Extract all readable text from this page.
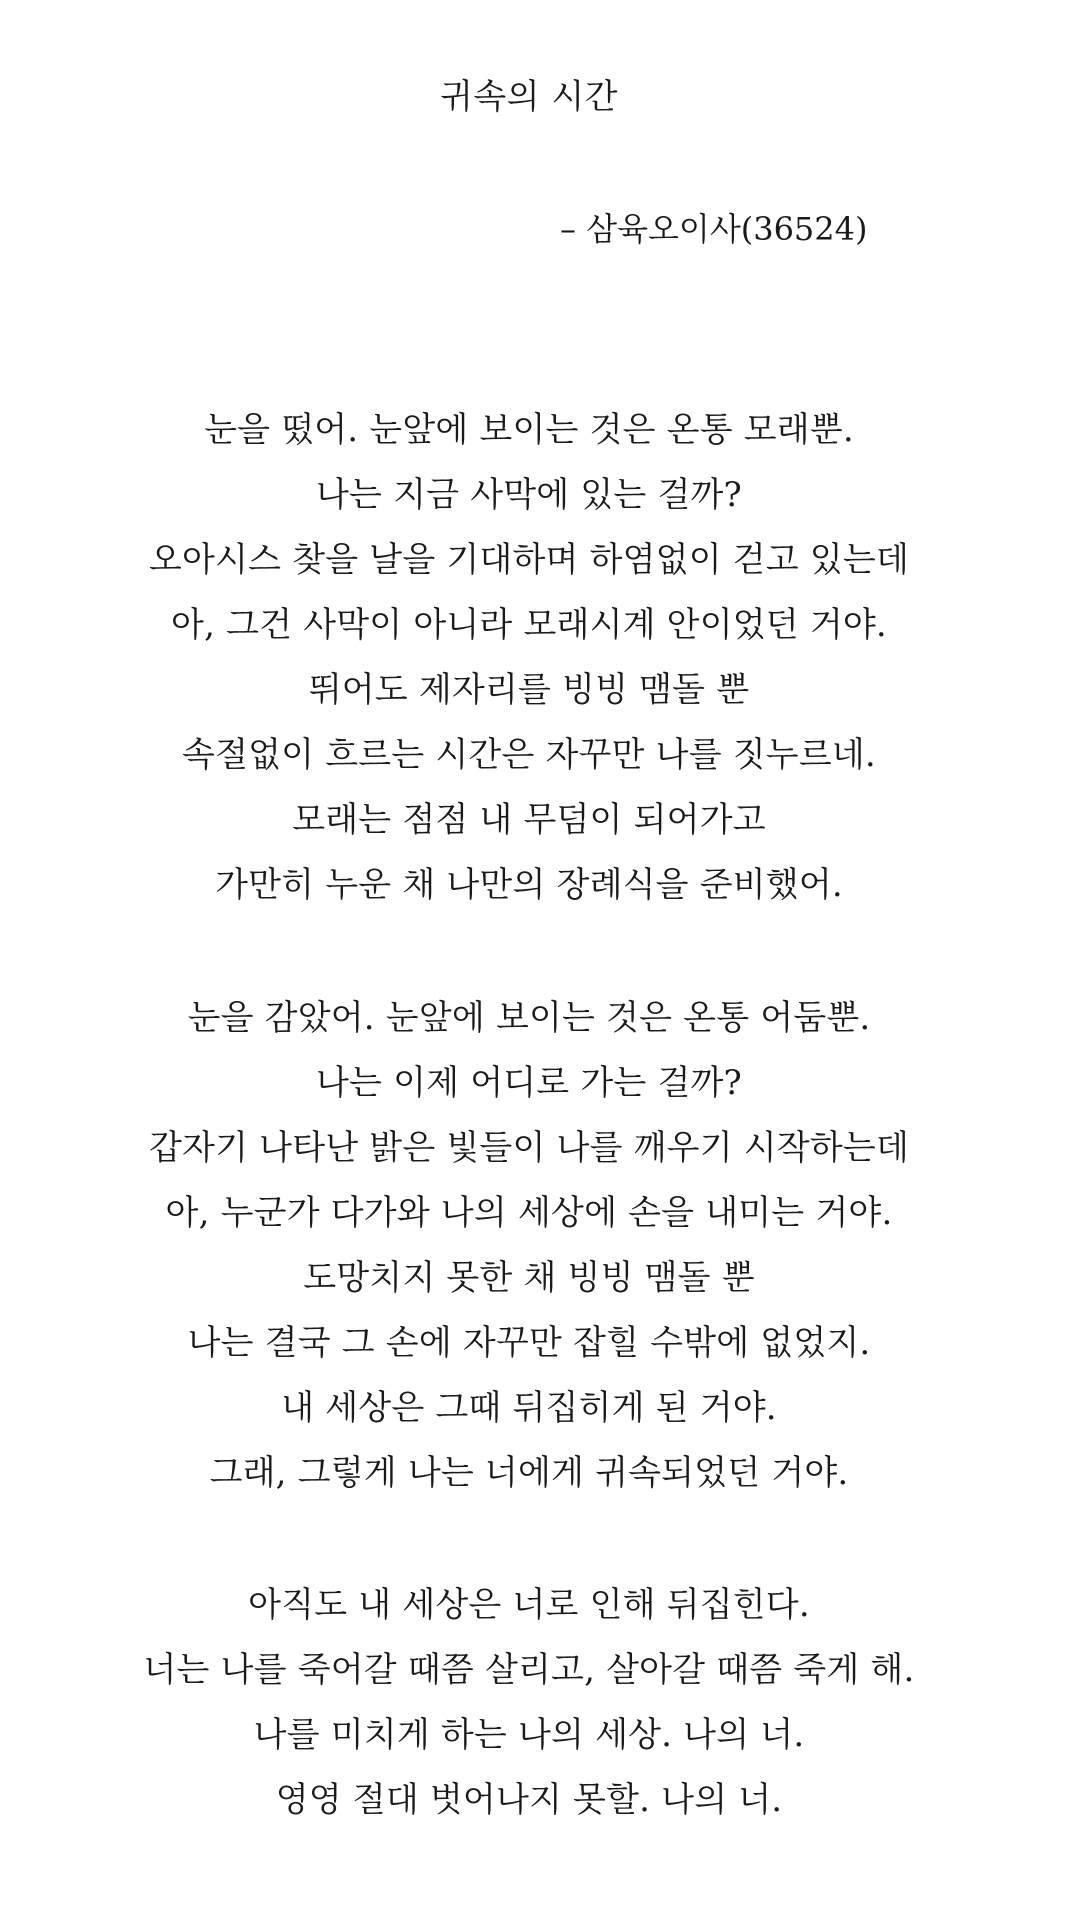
귀속의 시간
– 삼육오이사(36524)
눈을 떴어. 눈앞에 보이는 것은 온통 모래뿐.
나는 지금 사막에 있는 걸까?
오아시스 찾을 날을 기대하며 하염없이 걷고 있는데
아, 그건 사막이 아니라 모래시계 안이었던 거야.
뛰어도 제자리를 빙빙 맴돌 뿐
속절없이 흐르는 시간은 자꾸만 나를 짓누르네.
모래는 점점 내 무덤이 되어가고
가만히 누운 채 나만의 장례식을 준비했어.
눈을 감았어. 눈앞에 보이는 것은 온통 어둠뿐.
나는 이제 어디로 가는 걸까?
갑자기 나타난 밝은 빛들이 나를 깨우기 시작하는데
아, 누군가 다가와 나의 세상에 손을 내미는 거야.
도망치지 못한 채 빙빙 맴돌 뿐
나는 결국 그 손에 자꾸만 잡힐 수밖에 없었지.
내 세상은 그때 뒤집히게 된 거야.
그래, 그렇게 나는 너에게 귀속되었던 거야.
아직도 내 세상은 너로 인해 뒤집힌다.
너는 나를 죽어갈 때쯤 살리고, 살아갈 때쯤 죽게 해.
나를 미치게 하는 나의 세상. 나의 너.
영영 절대 벗어나지 못할. 나의 너.
